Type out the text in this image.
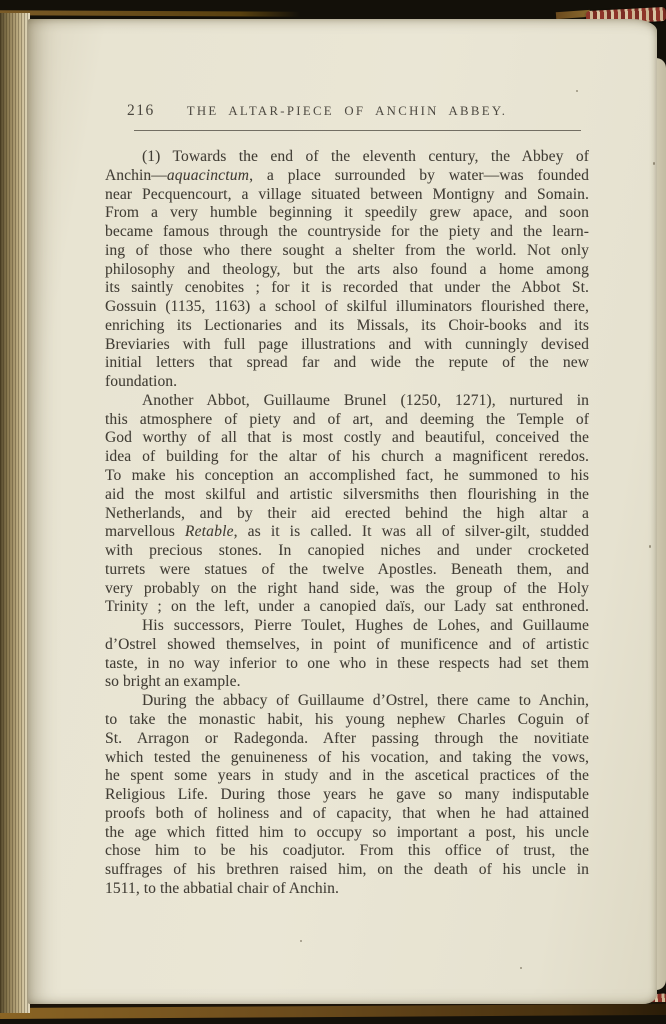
216	THE ALTAR-PIECE OF ANCHIN ABBEY.
(1) Towards the end of the eleventh century, the Abbey of
Anchin—aquacinctum, a place surrounded by water—was founded
near Pecquencourt, a village situated between Montigny and Somain.
From a very humble beginning it speedily grew apace, and soon
became famous through the countryside for the piety and the learn-
ing of those who there sought a shelter from the world. Not only
philosophy and theology, but the arts also found a home among
its saintly cenobites ; for it is recorded that under the Abbot St.
Gossuin (1135, 1163) a school of skilful illuminators flourished there,
enriching its Lectionaries and its Missals, its Choir-books and its
Breviaries with full page illustrations and with cunningly devised
initial letters that spread far and wide the repute of the new
foundation.
Another Abbot, Guillaume Brunel (1250, 1271), nurtured in
this atmosphere of piety and of art, and deeming the Temple of
God worthy of all that is most costly and beautiful, conceived the
idea of building for the altar of his church a magnificent reredos.
To make his conception an accomplished fact, he summoned to his
aid the most skilful and artistic silversmiths then flourishing in the
Netherlands, and by their aid erected behind the high altar a
marvellous Retable, as it is called. It was all of silver-gilt, studded
with precious stones. In canopied niches and under crocketed
turrets were statues of the twelve Apostles. Beneath them, and
very probably on the right hand side, was the group of the Holy
Trinity ; on the left, under a canopied daïs, our Lady sat enthroned.
His successors, Pierre Toulet, Hughes de Lohes, and Guillaume
d’Ostrel showed themselves, in point of munificence and of artistic
taste, in no way inferior to one who in these respects had set them
so bright an example.
During the abbacy of Guillaume d’Ostrel, there came to Anchin,
to take the monastic habit, his young nephew Charles Coguin of
St. Arragon or Radegonda. After passing through the novitiate
which tested the genuineness of his vocation, and taking the vows,
he spent some years in study and in the ascetical practices of the
Religious Life. During those years he gave so many indisputable
proofs both of holiness and of capacity, that when he had attained
the age which fitted him to occupy so important a post, his uncle
chose him to be his coadjutor. From this office of trust, the
suffrages of his brethren raised him, on the death of his uncle in
1511, to the abbatial chair of Anchin.
